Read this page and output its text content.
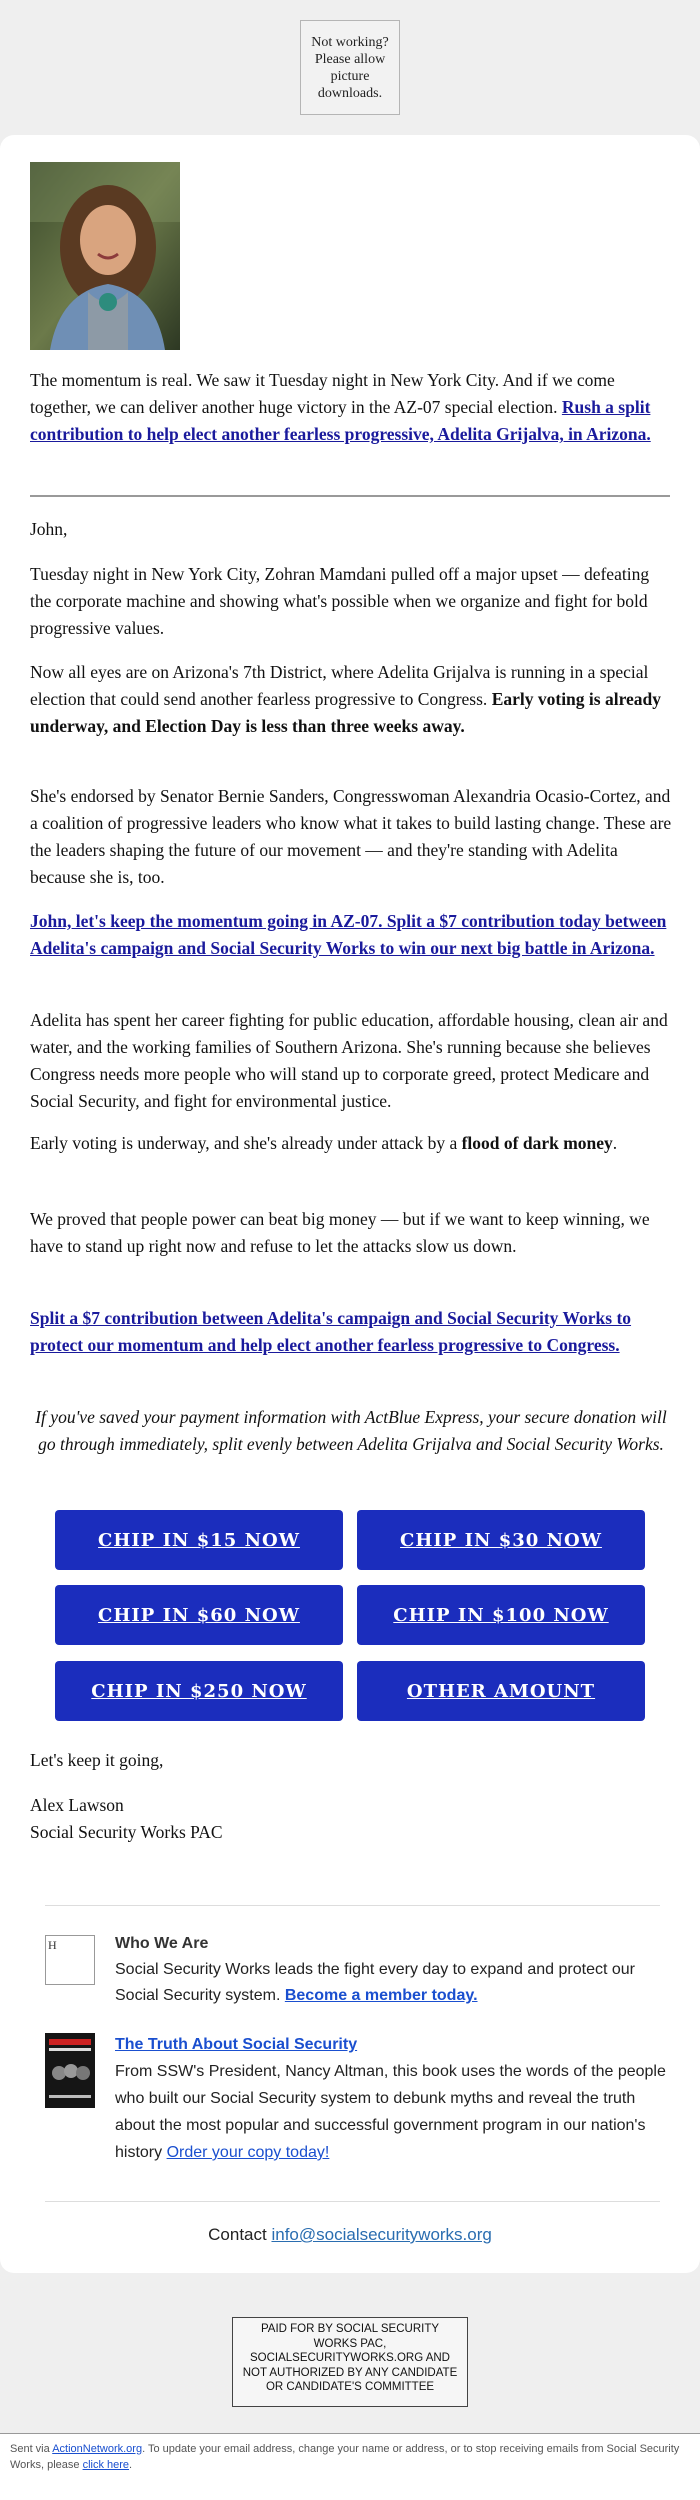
Not working? Please allow picture downloads.

The momentum is real. We saw it Tuesday night in New York City. And if we come together, we can deliver another huge victory in the AZ-07 special election. Rush a split contribution to help elect another fearless progressive, Adelita Grijalva, in Arizona.

John,

Tuesday night in New York City, Zohran Mamdani pulled off a major upset — defeating the corporate machine and showing what's possible when we organize and fight for bold progressive values.

Now all eyes are on Arizona's 7th District, where Adelita Grijalva is running in a special election that could send another fearless progressive to Congress. Early voting is already underway, and Election Day is less than three weeks away.

She's endorsed by Senator Bernie Sanders, Congresswoman Alexandria Ocasio-Cortez, and a coalition of progressive leaders who know what it takes to build lasting change. These are the leaders shaping the future of our movement — and they're standing with Adelita because she is, too.

John, let's keep the momentum going in AZ-07. Split a $7 contribution today between Adelita's campaign and Social Security Works to win our next big battle in Arizona.

Adelita has spent her career fighting for public education, affordable housing, clean air and water, and the working families of Southern Arizona. She's running because she believes Congress needs more people who will stand up to corporate greed, protect Medicare and Social Security, and fight for environmental justice.

Early voting is underway, and she's already under attack by a flood of dark money.

We proved that people power can beat big money — but if we want to keep winning, we have to stand up right now and refuse to let the attacks slow us down.

Split a $7 contribution between Adelita's campaign and Social Security Works to protect our momentum and help elect another fearless progressive to Congress.

If you've saved your payment information with ActBlue Express, your secure donation will go through immediately, split evenly between Adelita Grijalva and Social Security Works.

CHIP IN $15 NOW	CHIP IN $30 NOW
CHIP IN $60 NOW	CHIP IN $100 NOW
CHIP IN $250 NOW	OTHER AMOUNT

Let's keep it going,

Alex Lawson

Social Security Works PAC

H	Who We Are
Social Security Works leads the fight every day to expand and protect our Social Security system. Become a member today.
The Truth About Social Security
From SSW's President, Nancy Altman, this book uses the words of the people who built our Social Security system to debunk myths and reveal the truth about the most popular and successful government program in our nation's history Order your copy today!
Contact info@socialsecurityworks.org
PAID FOR BY SOCIAL SECURITY WORKS PAC, SOCIALSECURITYWORKS.ORG AND NOT AUTHORIZED BY ANY CANDIDATE OR CANDIDATE'S COMMITTEE
Sent via ActionNetwork.org. To update your email address, change your name or address, or to stop receiving emails from Social Security Works, please click here.
